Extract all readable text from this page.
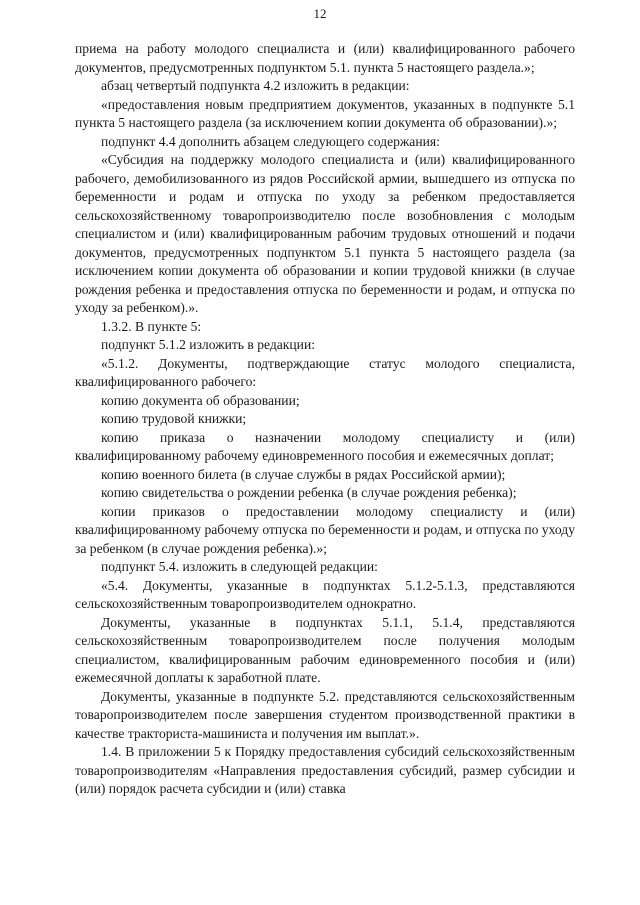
12

приема на работу молодого специалиста и (или) квалифицированного рабочего документов, предусмотренных подпунктом 5.1. пункта 5 настоящего раздела.»;

абзац четвертый подпункта 4.2 изложить в редакции:

«предоставления новым предприятием документов, указанных в подпункте 5.1 пункта 5 настоящего раздела (за исключением копии документа об образовании).»;

подпункт 4.4 дополнить абзацем следующего содержания:

«Субсидия на поддержку молодого специалиста и (или) квалифицированного рабочего, демобилизованного из рядов Российской армии, вышедшего из отпуска по беременности и родам и отпуска по уходу за ребенком предоставляется сельскохозяйственному товаропроизводителю после возобновления с молодым специалистом и (или) квалифицированным рабочим трудовых отношений и подачи документов, предусмотренных подпунктом 5.1 пункта 5 настоящего раздела (за исключением копии документа об образовании и копии трудовой книжки (в случае рождения ребенка и предоставления отпуска по беременности и родам, и отпуска по уходу за ребенком).».

1.3.2. В пункте 5:

подпункт 5.1.2 изложить в редакции:

«5.1.2. Документы, подтверждающие статус молодого специалиста, квалифицированного рабочего:

копию документа об образовании;

копию трудовой книжки;

копию приказа о назначении молодому специалисту и (или) квалифицированному рабочему единовременного пособия и ежемесячных доплат;

копию военного билета (в случае службы в рядах Российской армии);

копию свидетельства о рождении ребенка (в случае рождения ребенка);

копии приказов о предоставлении молодому специалисту и (или) квалифицированному рабочему отпуска по беременности и родам, и отпуска по уходу за ребенком (в случае рождения ребенка).»;

подпункт 5.4. изложить в следующей редакции:

«5.4. Документы, указанные в подпунктах 5.1.2-5.1.3, представляются сельскохозяйственным товаропроизводителем однократно.

Документы, указанные в подпунктах 5.1.1, 5.1.4, представляются сельскохозяйственным товаропроизводителем после получения молодым специалистом, квалифицированным рабочим единовременного пособия и (или) ежемесячной доплаты к заработной плате.

Документы, указанные в подпункте 5.2. представляются сельскохозяйственным товаропроизводителем после завершения студентом производственной практики в качестве тракториста-машиниста и получения им выплат.».

1.4. В приложении 5 к Порядку предоставления субсидий сельскохозяйственным товаропроизводителям «Направления предоставления субсидий, размер субсидии и (или) порядок расчета субсидии и (или) ставка
